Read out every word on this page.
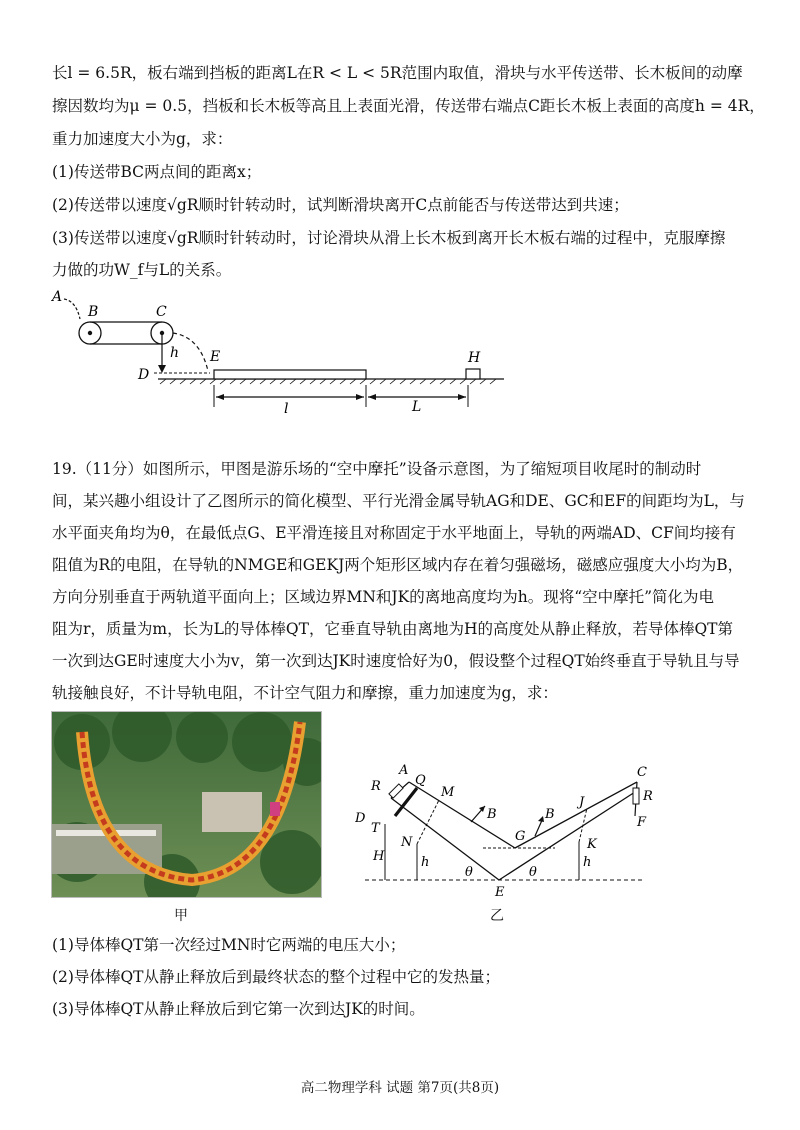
长l = 6.5R，板右端到挡板的距离L在R < L < 5R范围内取值，滑块与水平传送带、长木板间的动摩
擦因数均为μ = 0.5，挡板和长木板等高且上表面光滑，传送带右端点C距长木板上表面的高度h = 4R，
重力加速度大小为g，求：
(1)传送带BC两点间的距离x；
(2)传送带以速度√gR顺时针转动时，试判断滑块离开C点前能否与传送带达到共速；
(3)传送带以速度√gR顺时针转动时，讨论滑块从滑上长木板到离开长木板右端的过程中，克服摩擦
力做的功W_f与L的关系。
A
B	C
h
D
E	H
l	L
19.（11分）如图所示，甲图是游乐场的“空中摩托”设备示意图，为了缩短项目收尾时的制动时
间，某兴趣小组设计了乙图所示的简化模型、平行光滑金属导轨AG和DE、GC和EF的间距均为L，与
水平面夹角均为θ，在最低点G、E平滑连接且对称固定于水平地面上，导轨的两端AD、CF间均接有
阻值为R的电阻，在导轨的NMGE和GEKJ两个矩形区域内存在着匀强磁场，磁感应强度大小均为B，
方向分别垂直于两轨道平面向上；区域边界MN和JK的离地高度均为h。现将“空中摩托”简化为电
阻为r，质量为m，长为L的导体棒QT，它垂直导轨由离地为H的高度处从静止释放，若导体棒QT第
一次到达GE时速度大小为v，第一次到达JK时速度恰好为0，假设整个过程QT始终垂直于导轨且与导
轨接触良好，不计导轨电阻，不计空气阻力和摩擦，重力加速度为g，求：
甲
R
A
Q
M
B	B
J
C
R
D
T
N	G
K
F
H	h	h
θ	θ
E
乙
(1)导体棒QT第一次经过MN时它两端的电压大小；
(2)导体棒QT从静止释放后到最终状态的整个过程中它的发热量；
(3)导体棒QT从静止释放后到它第一次到达JK的时间。
高二物理学科 试题 第7页(共8页)
